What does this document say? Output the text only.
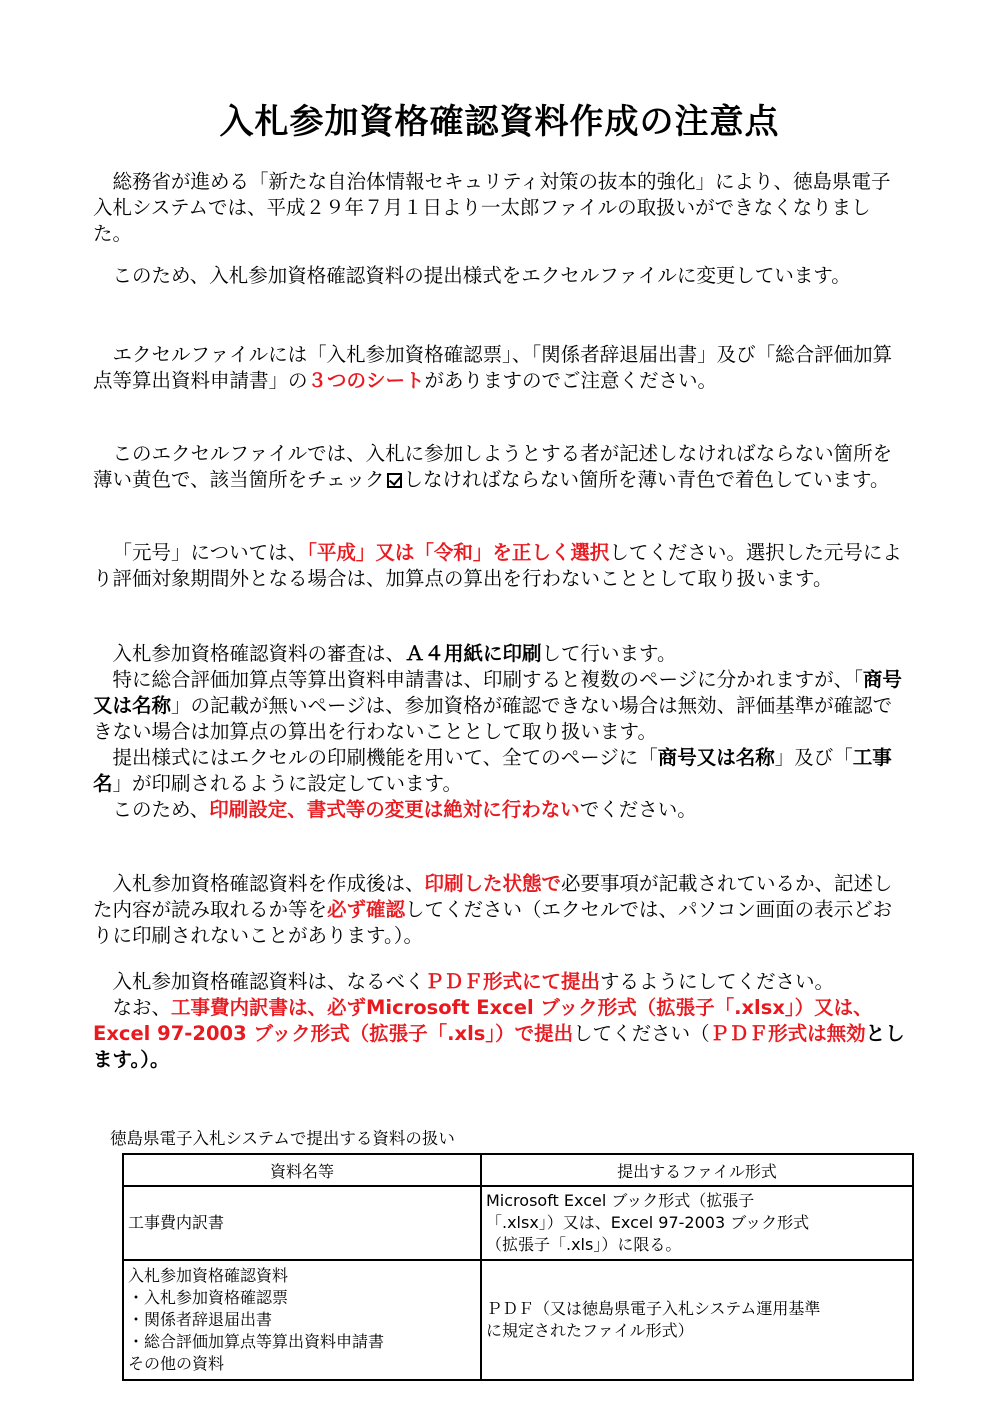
入札参加資格確認資料作成の注意点

総務省が進める「新たな自治体情報セキュリティ対策の抜本的強化」により、徳島県電子入札システムでは、平成２９年７月１日より一太郎ファイルの取扱いができなくなりました。

このため、入札参加資格確認資料の提出様式をエクセルファイルに変更しています。

エクセルファイルには「入札参加資格確認票」、「関係者辞退届出書」及び「総合評価加算点等算出資料申請書」の３つのシートがありますのでご注意ください。

このエクセルファイルでは、入札に参加しようとする者が記述しなければならない箇所を薄い黄色で、該当箇所をチェック しなければならない箇所を薄い青色で着色しています。

「元号」については、「平成」又は「令和」を正しく選択してください。選択した元号により評価対象期間外となる場合は、加算点の算出を行わないこととして取り扱います。

入札参加資格確認資料の審査は、Ａ４用紙に印刷して行います。
特に総合評価加算点等算出資料申請書は、印刷すると複数のページに分かれますが、「商号又は名称」の記載が無いページは、参加資格が確認できない場合は無効、評価基準が確認できない場合は加算点の算出を行わないこととして取り扱います。
提出様式にはエクセルの印刷機能を用いて、全てのページに「商号又は名称」及び「工事名」が印刷されるように設定しています。
このため、印刷設定、書式等の変更は絶対に行わないでください。

入札参加資格確認資料を作成後は、印刷した状態で必要事項が記載されているか、記述した内容が読み取れるか等を必ず確認してください（エクセルでは、パソコン画面の表示どおりに印刷されないことがあります。）。

入札参加資格確認資料は、なるべくＰＤＦ形式にて提出するようにしてください。
なお、工事費内訳書は、必ずMicrosoft Excel ブック形式（拡張子「.xlsx」）又は、Excel 97-2003 ブック形式（拡張子「.xls」）で提出してください（ＰＤＦ形式は無効とします。）。
徳島県電子入札システムで提出する資料の扱い
資料名等	提出するファイル形式
工事費内訳書	Microsoft Excel ブック形式（拡張子
「.xlsx」）又は、Excel 97-2003 ブック形式
（拡張子「.xls」）に限る。

入札参加資格確認資料
・入札参加資格確認票
・関係者辞退届出書
・総合評価加算点等算出資料申請書
その他の資料	ＰＤＦ（又は徳島県電子入札システム運用基準
に規定されたファイル形式）
